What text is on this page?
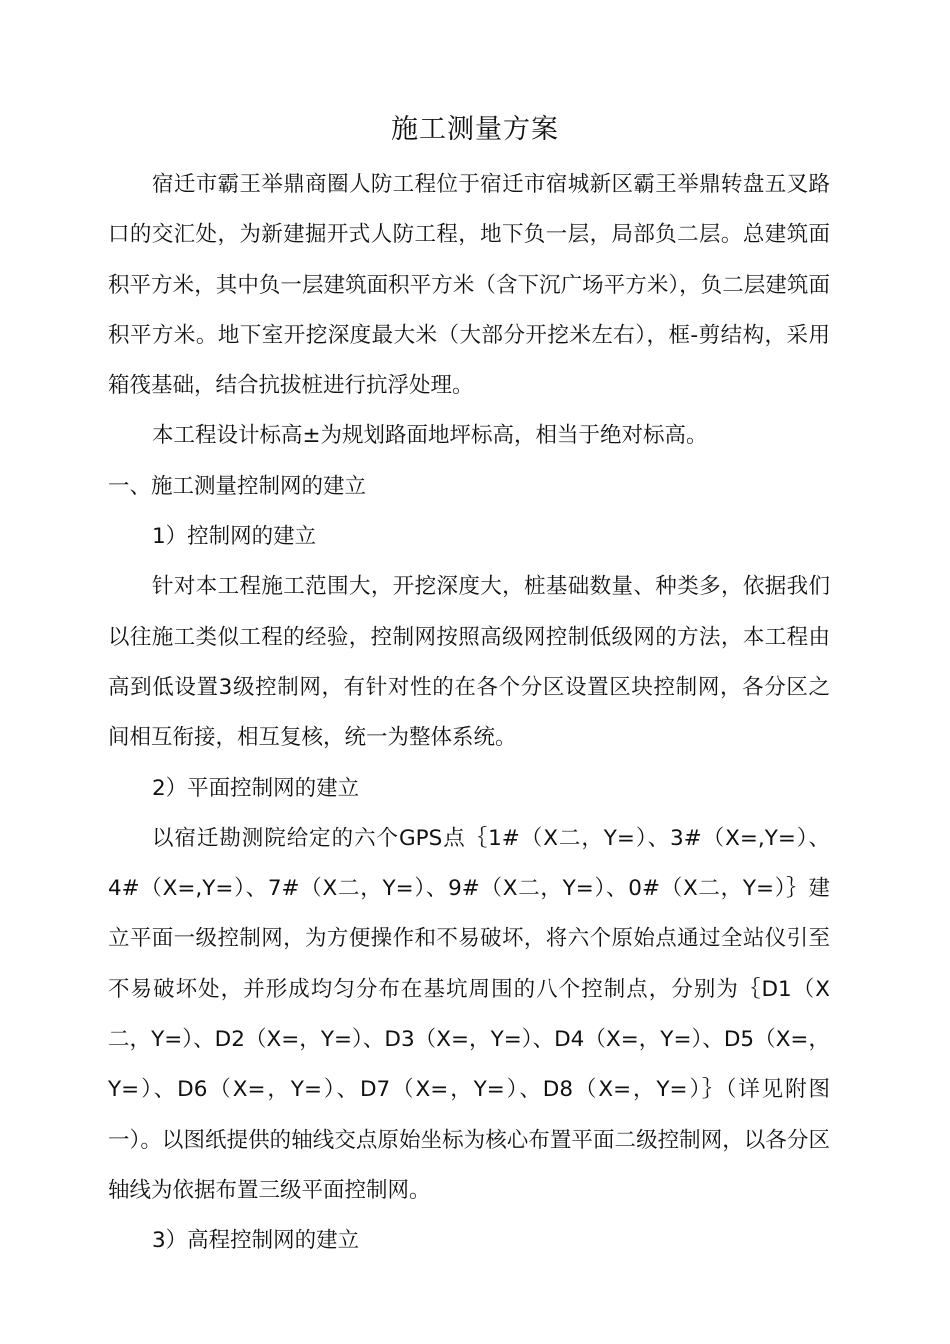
施工测量方案

宿迁市霸王举鼎商圈人防工程位于宿迁市宿城新区霸王举鼎转盘五叉路口的交汇处，为新建掘开式人防工程，地下负一层，局部负二层。总建筑面积平方米，其中负一层建筑面积平方米（含下沉广场平方米），负二层建筑面积平方米。地下室开挖深度最大米（大部分开挖米左右），框-剪结构，采用箱筏基础，结合抗拔桩进行抗浮处理。

本工程设计标高±为规划路面地坪标高，相当于绝对标高。

一、施工测量控制网的建立

1）控制网的建立

针对本工程施工范围大，开挖深度大，桩基础数量、种类多，依据我们以往施工类似工程的经验，控制网按照高级网控制低级网的方法，本工程由高到低设置3级控制网，有针对性的在各个分区设置区块控制网，各分区之间相互衔接，相互复核，统一为整体系统。

2）平面控制网的建立

以宿迁勘测院给定的六个GPS点｛1#（X二，Y=）、3#（X=,Y=）、4#（X=,Y=）、7#（X二，Y=）、9#（X二，Y=）、0#（X二，Y=）｝建立平面一级控制网，为方便操作和不易破坏，将六个原始点通过全站仪引至不易破坏处，并形成均匀分布在基坑周围的八个控制点，分别为｛D1（X二，Y=）、D2（X=，Y=）、D3（X=，Y=）、D4（X=，Y=）、D5（X=，Y=）、D6（X=，Y=）、D7（X=，Y=）、D8（X=，Y=）｝（详见附图一）。以图纸提供的轴线交点原始坐标为核心布置平面二级控制网，以各分区轴线为依据布置三级平面控制网。

3）高程控制网的建立
